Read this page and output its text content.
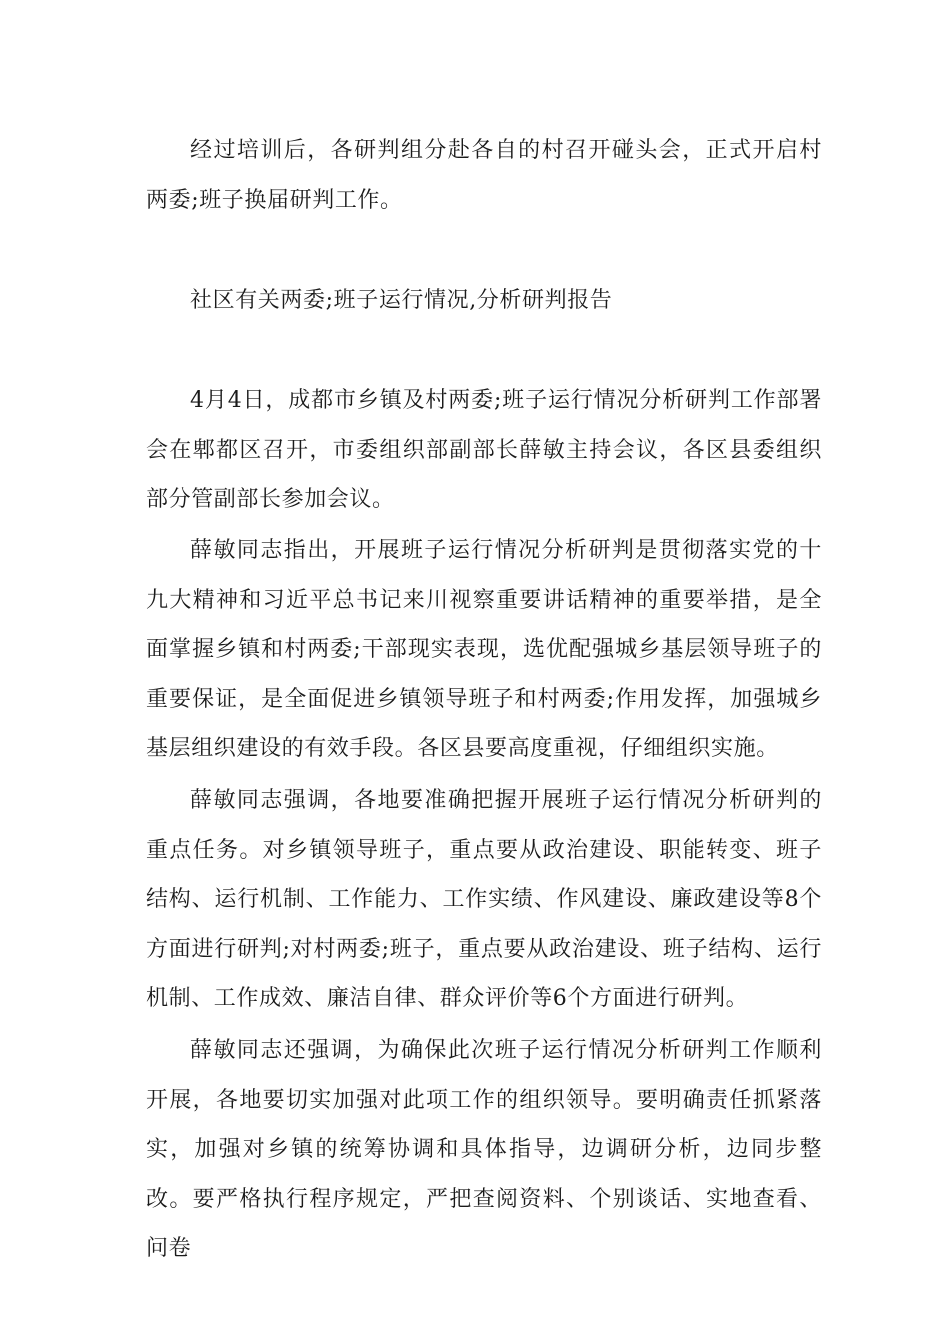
经过培训后，各研判组分赴各自的村召开碰头会，正式开启村两委;班子换届研判工作。

社区有关两委;班子运行情况,分析研判报告

4月4日，成都市乡镇及村两委;班子运行情况分析研判工作部署会在郫都区召开，市委组织部副部长薛敏主持会议，各区县委组织部分管副部长参加会议。

薛敏同志指出，开展班子运行情况分析研判是贯彻落实党的十九大精神和习近平总书记来川视察重要讲话精神的重要举措，是全面掌握乡镇和村两委;干部现实表现，选优配强城乡基层领导班子的重要保证，是全面促进乡镇领导班子和村两委;作用发挥，加强城乡基层组织建设的有效手段。各区县要高度重视，仔细组织实施。

薛敏同志强调，各地要准确把握开展班子运行情况分析研判的重点任务。对乡镇领导班子，重点要从政治建设、职能转变、班子结构、运行机制、工作能力、工作实绩、作风建设、廉政建设等8个方面进行研判;对村两委;班子，重点要从政治建设、班子结构、运行机制、工作成效、廉洁自律、群众评价等6个方面进行研判。

薛敏同志还强调，为确保此次班子运行情况分析研判工作顺利开展，各地要切实加强对此项工作的组织领导。要明确责任抓紧落实，加强对乡镇的统筹协调和具体指导，边调研分析，边同步整改。要严格执行程序规定，严把查阅资料、个别谈话、实地查看、问卷
